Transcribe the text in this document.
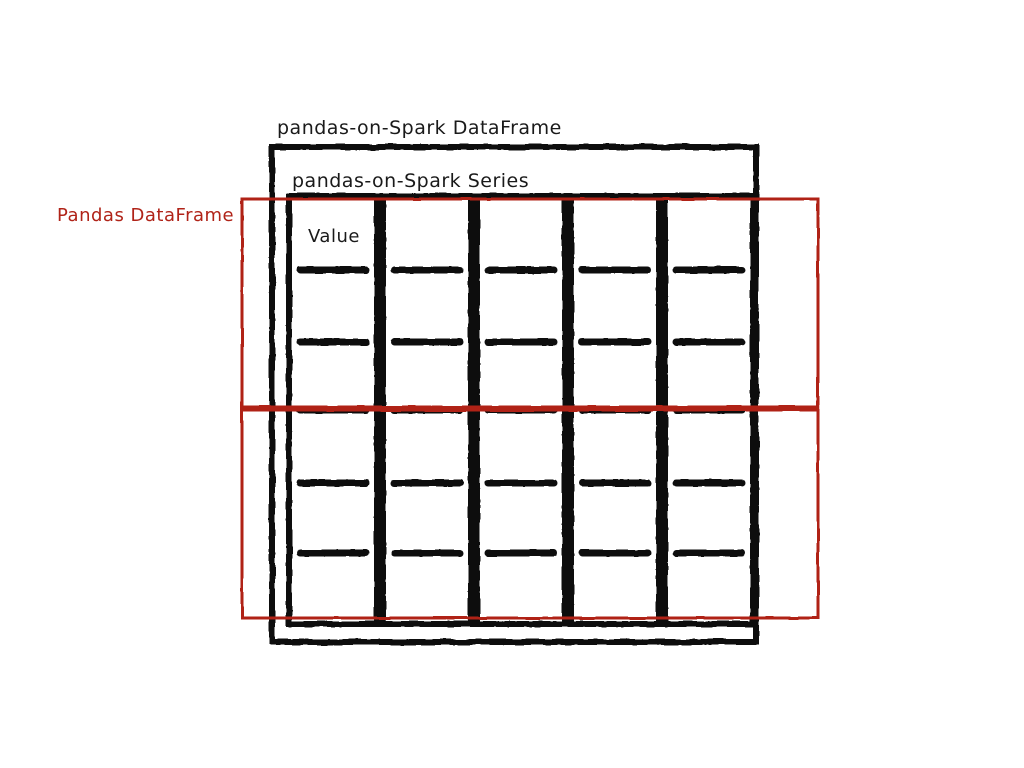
pandas-on-Spark DataFrame
pandas-on-Spark Series
Value
Pandas DataFrame
